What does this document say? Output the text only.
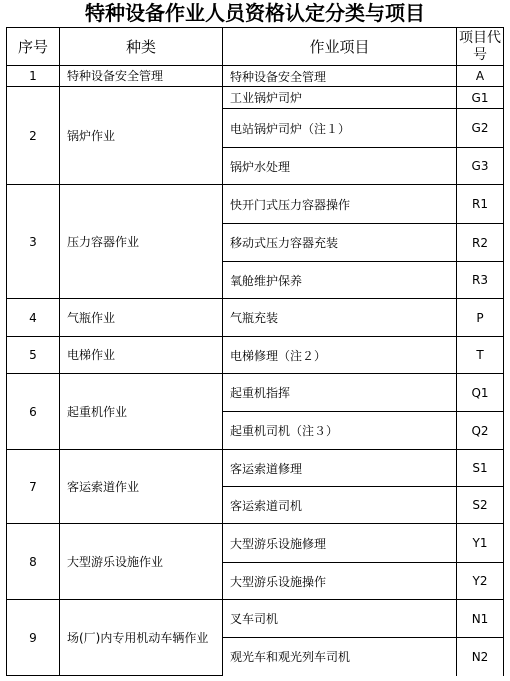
特种设备作业人员资格认定分类与项目
序号	种类	作业项目	项目代号
1	特种设备安全管理	特种设备安全管理	A
2	锅炉作业	工业锅炉司炉	G1
		电站锅炉司炉（注１）	G2
		锅炉水处理	G3
3	压力容器作业	快开门式压力容器操作	R1
		移动式压力容器充装	R2
		氧舱维护保养	R3
4	气瓶作业	气瓶充装	P
5	电梯作业	电梯修理（注２）	T
6	起重机作业	起重机指挥	Q1
		起重机司机（注３）	Q2
7	客运索道作业	客运索道修理	S1
		客运索道司机	S2
8	大型游乐设施作业	大型游乐设施修理	Y1
		大型游乐设施操作	Y2
9	场(厂)内专用机动车辆作业	叉车司机	N1
		观光车和观光列车司机	N2
